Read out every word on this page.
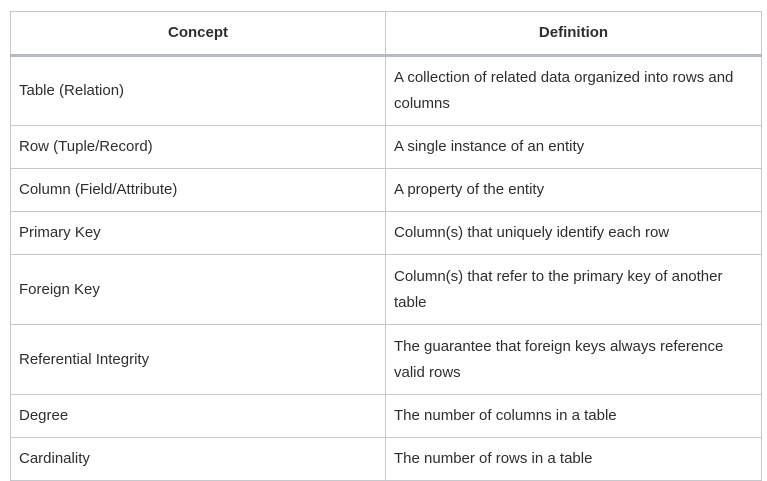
Concept	Definition
Table (Relation)	A collection of related data organized into rows and columns
Row (Tuple/Record)	A single instance of an entity
Column (Field/Attribute)	A property of the entity
Primary Key	Column(s) that uniquely identify each row
Foreign Key	Column(s) that refer to the primary key of another table
Referential Integrity	The guarantee that foreign keys always reference valid rows
Degree	The number of columns in a table
Cardinality	The number of rows in a table
